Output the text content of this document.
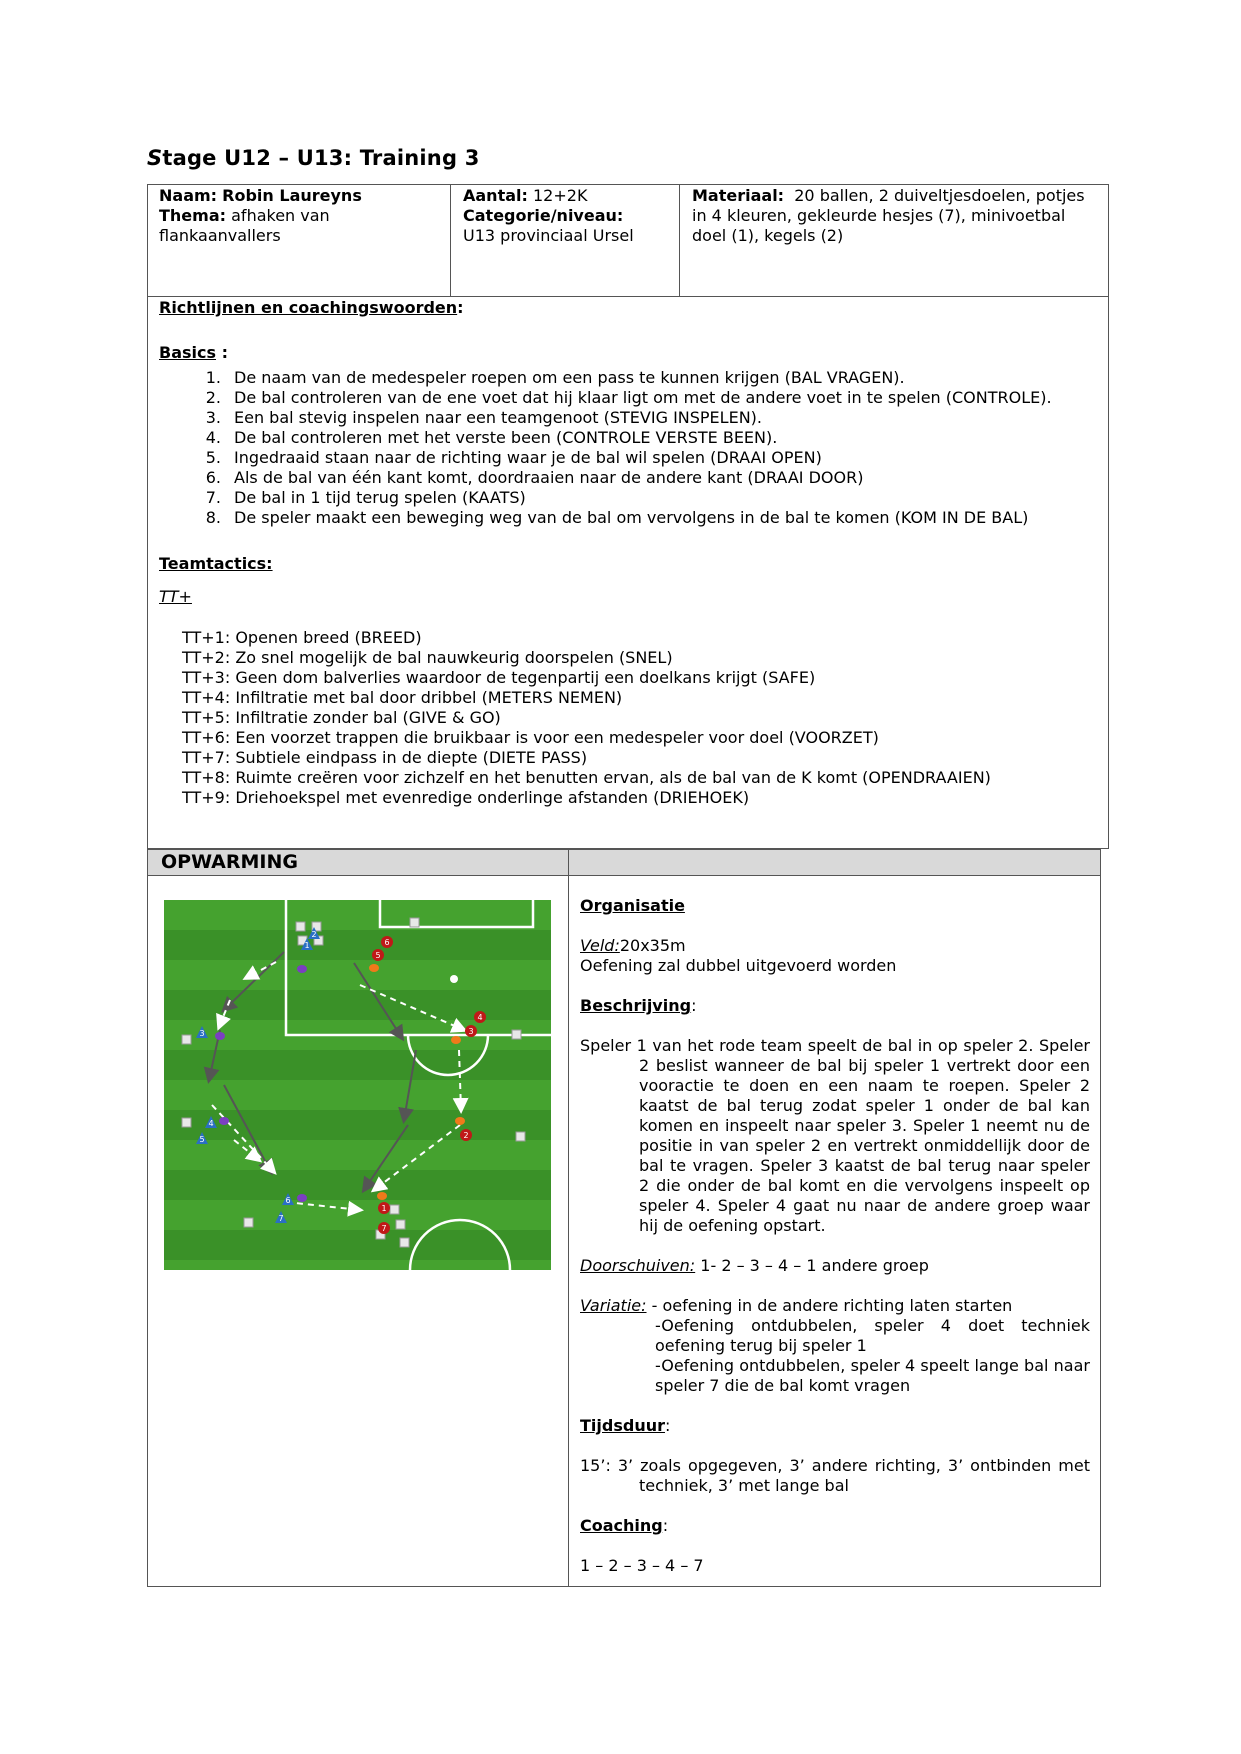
Stage U12 – U13: Training 3
Naam: Robin Laureyns
Thema: afhaken van flankaanvallers
Aantal: 12+2K
Categorie/niveau:
U13 provinciaal Ursel
Materiaal: 20 ballen, 2 duiveltjesdoelen, potjes in 4 kleuren, gekleurde hesjes (7), minivoetbal doel (1), kegels (2)
Richtlijnen en coachingswoorden:
Basics :
1. De naam van de medespeler roepen om een pass te kunnen krijgen (BAL VRAGEN).
2. De bal controleren van de ene voet dat hij klaar ligt om met de andere voet in te spelen (CONTROLE).
3. Een bal stevig inspelen naar een teamgenoot (STEVIG INSPELEN).
4. De bal controleren met het verste been (CONTROLE VERSTE BEEN).
5. Ingedraaid staan naar de richting waar je de bal wil spelen (DRAAI OPEN)
6. Als de bal van één kant komt, doordraaien naar de andere kant (DRAAI DOOR)
7. De bal in 1 tijd terug spelen (KAATS)
8. De speler maakt een beweging weg van de bal om vervolgens in de bal te komen (KOM IN DE BAL)
Teamtactics:
TT+
TT+1: Openen breed (BREED)
TT+2: Zo snel mogelijk de bal nauwkeurig doorspelen (SNEL)
TT+3: Geen dom balverlies waardoor de tegenpartij een doelkans krijgt (SAFE)
TT+4: Infiltratie met bal door dribbel (METERS NEMEN)
TT+5: Infiltratie zonder bal (GIVE & GO)
TT+6: Een voorzet trappen die bruikbaar is voor een medespeler voor doel (VOORZET)
TT+7: Subtiele eindpass in de diepte (DIETE PASS)
TT+8: Ruimte creëren voor zichzelf en het benutten ervan, als de bal van de K komt (OPENDRAAIEN)
TT+9: Driehoekspel met evenredige onderlinge afstanden (DRIEHOEK)
OPWARMING
1
2
3
4
5
6
7
1
2
3
4
5
6
7

Organisatie

Veld:20x35m

Oefening zal dubbel uitgevoerd worden

Beschrijving:

Speler 1 van het rode team speelt de bal in op speler 2. Speler 2 beslist wanneer de bal bij speler 1 vertrekt door een vooractie te doen en een naam te roepen. Speler 2 kaatst de bal terug zodat speler 1 onder de bal kan komen en inspeelt naar speler 3. Speler 1 neemt nu de positie in van speler 2 en vertrekt onmiddellijk door de bal te vragen. Speler 3 kaatst de bal terug naar speler 2 die onder de bal komt en die vervolgens inspeelt op speler 4. Speler 4 gaat nu naar de andere groep waar hij de oefening opstart.

Doorschuiven: 1- 2 – 3 – 4 – 1 andere groep

Variatie: - oefening in de andere richting laten starten

-Oefening ontdubbelen, speler 4 doet techniek oefening terug bij speler 1

-Oefening ontdubbelen, speler 4 speelt lange bal naar speler 7 die de bal komt vragen

Tijdsduur:

15’: 3’ zoals opgegeven, 3’ andere richting, 3’ ontbinden met techniek, 3’ met lange bal

Coaching:

1 – 2 – 3 – 4 – 7
